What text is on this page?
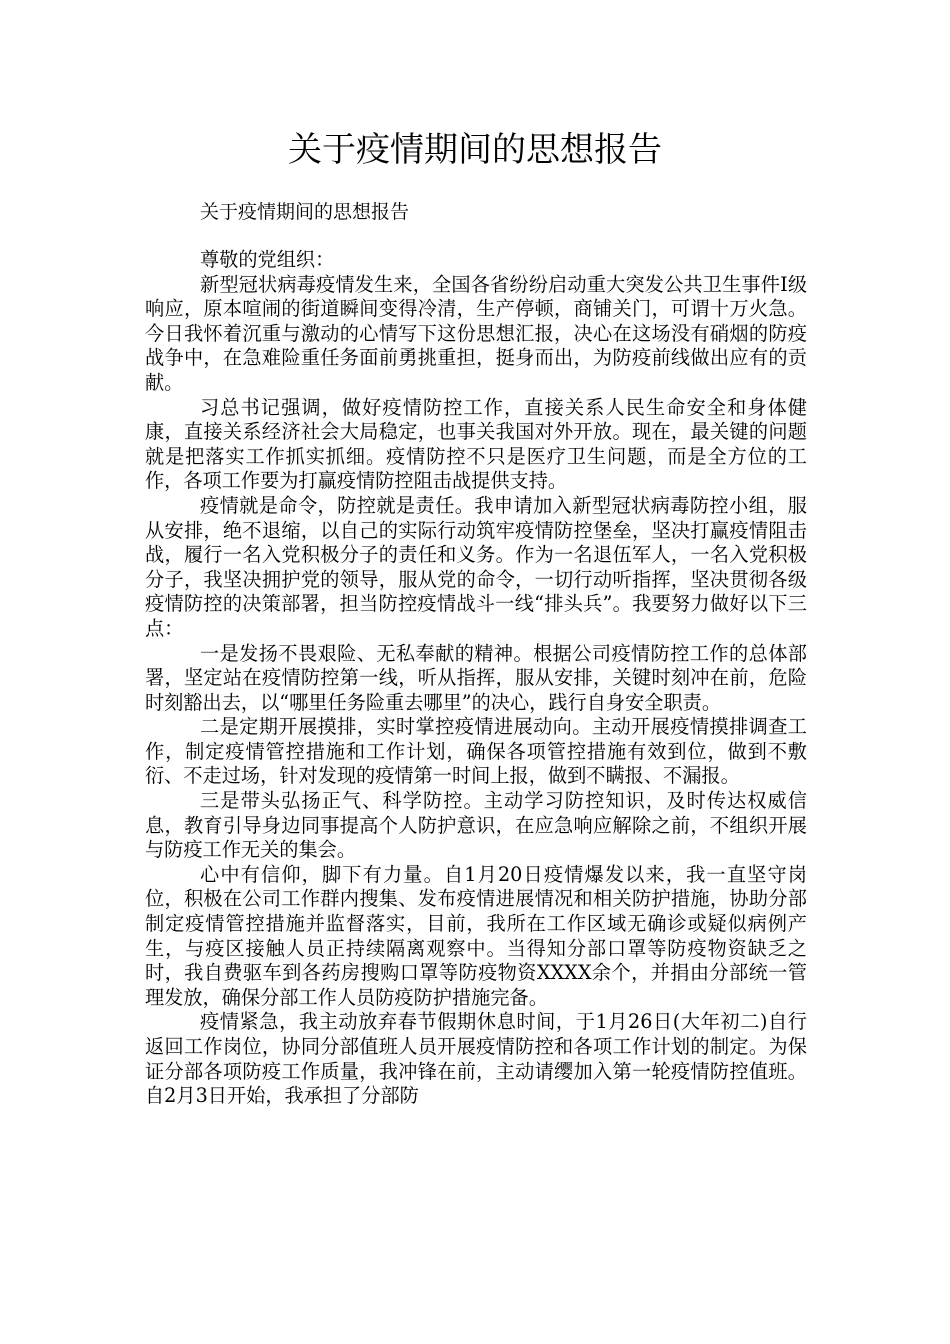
关于疫情期间的思想报告

关于疫情期间的思想报告

尊敬的党组织：

新型冠状病毒疫情发生来，全国各省纷纷启动重大突发公共卫生事件Ⅰ级响应，原本喧闹的街道瞬间变得冷清，生产停顿，商铺关门，可谓十万火急。今日我怀着沉重与激动的心情写下这份思想汇报，决心在这场没有硝烟的防疫战争中，在急难险重任务面前勇挑重担，挺身而出，为防疫前线做出应有的贡献。

习总书记强调，做好疫情防控工作，直接关系人民生命安全和身体健康，直接关系经济社会大局稳定，也事关我国对外开放。现在，最关键的问题就是把落实工作抓实抓细。疫情防控不只是医疗卫生问题，而是全方位的工作，各项工作要为打赢疫情防控阻击战提供支持。

疫情就是命令，防控就是责任。我申请加入新型冠状病毒防控小组，服从安排，绝不退缩，以自己的实际行动筑牢疫情防控堡垒，坚决打赢疫情阻击战，履行一名入党积极分子的责任和义务。作为一名退伍军人，一名入党积极分子，我坚决拥护党的领导，服从党的命令，一切行动听指挥，坚决贯彻各级疫情防控的决策部署，担当防控疫情战斗一线“排头兵”。我要努力做好以下三点：

一是发扬不畏艰险、无私奉献的精神。根据公司疫情防控工作的总体部署，坚定站在疫情防控第一线，听从指挥，服从安排，关键时刻冲在前，危险时刻豁出去，以“哪里任务险重去哪里”的决心，践行自身安全职责。

二是定期开展摸排，实时掌控疫情进展动向。主动开展疫情摸排调查工作，制定疫情管控措施和工作计划，确保各项管控措施有效到位，做到不敷衍、不走过场，针对发现的疫情第一时间上报，做到不瞒报、不漏报。

三是带头弘扬正气、科学防控。主动学习防控知识，及时传达权威信息，教育引导身边同事提高个人防护意识，在应急响应解除之前，不组织开展与防疫工作无关的集会。

心中有信仰，脚下有力量。自1月20日疫情爆发以来，我一直坚守岗位，积极在公司工作群内搜集、发布疫情进展情况和相关防护措施，协助分部制定疫情管控措施并监督落实，目前，我所在工作区域无确诊或疑似病例产生，与疫区接触人员正持续隔离观察中。当得知分部口罩等防疫物资缺乏之时，我自费驱车到各药房搜购口罩等防疫物资XXXX余个，并捐由分部统一管理发放，确保分部工作人员防疫防护措施完备。

疫情紧急，我主动放弃春节假期休息时间，于1月26日(大年初二)自行返回工作岗位，协同分部值班人员开展疫情防控和各项工作计划的制定。为保证分部各项防疫工作质量，我冲锋在前，主动请缨加入第一轮疫情防控值班。自2月3日开始，我承担了分部防
